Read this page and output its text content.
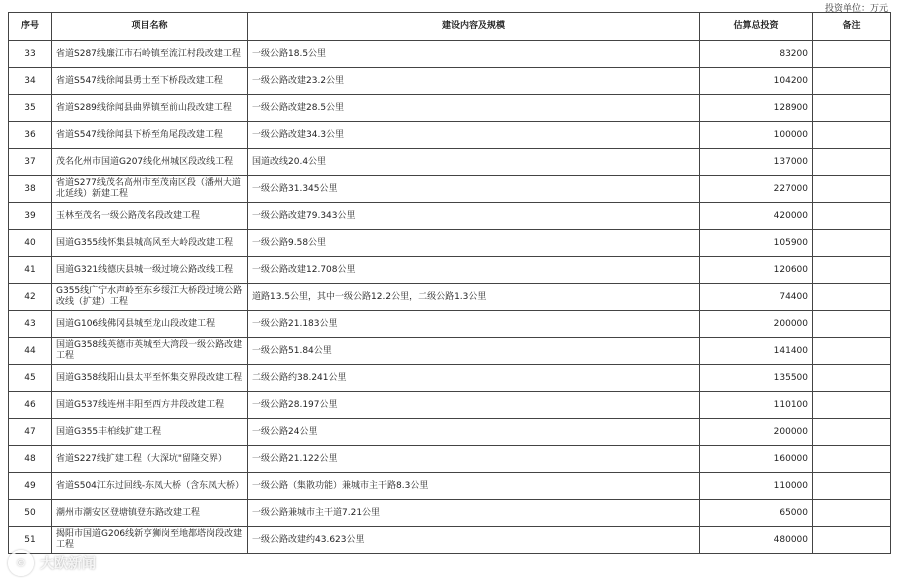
投资单位：万元
序号	项目名称	建设内容及规模	估算总投资	备注
33	省道S287线廉江市石岭镇至流江村段改建工程	一级公路18.5公里	83200	
34	省道S547线徐闻县勇士至下桥段改建工程	一级公路改建23.2公里	104200	
35	省道S289线徐闻县曲界镇至前山段改建工程	一级公路改建28.5公里	128900	
36	省道S547线徐闻县下桥至角尾段改建工程	一级公路改建34.3公里	100000	
37	茂名化州市国道G207线化州城区段改线工程	国道改线20.4公里	137000	
38	省道S277线茂名高州市至茂南区段（潘州大道北延线）新建工程	一级公路31.345公里	227000	
39	玉林至茂名一级公路茂名段改建工程	一级公路改建79.343公里	420000	
40	国道G355线怀集县城高风至大岭段改建工程	一级公路9.58公里	105900	
41	国道G321线德庆县城一级过境公路改线工程	一级公路改建12.708公里	120600	
42	G355线广宁水声岭至东乡绥江大桥段过境公路改线（扩建）工程	道路13.5公里，其中一级公路12.2公里，二级公路1.3公里	74400	
43	国道G106线佛冈县城至龙山段改建工程	一级公路21.183公里	200000	
44	国道G358线英德市英城至大湾段一级公路改建工程	一级公路51.84公里	141400	
45	国道G358线阳山县太平至怀集交界段改建工程	二级公路约38.241公里	135500	
46	国道G537线连州丰阳至西方井段改建工程	一级公路28.197公里	110100	
47	国道G355丰柏线扩建工程	一级公路24公里	200000	
48	省道S227线扩建工程（大深坑"留隆交界）	一级公路21.122公里	160000	
49	省道S504江东过回线-东凤大桥（含东凤大桥）	一级公路（集散功能）兼城市主干路8.3公里	110000	
50	潮州市潮安区登塘镇登东路改建工程	一级公路兼城市主干道7.21公里	65000	
51	揭阳市国道G206线新亨狮岗至地都塔岗段改建工程	一级公路改建约43.623公里	480000	
©	大欧新闻
